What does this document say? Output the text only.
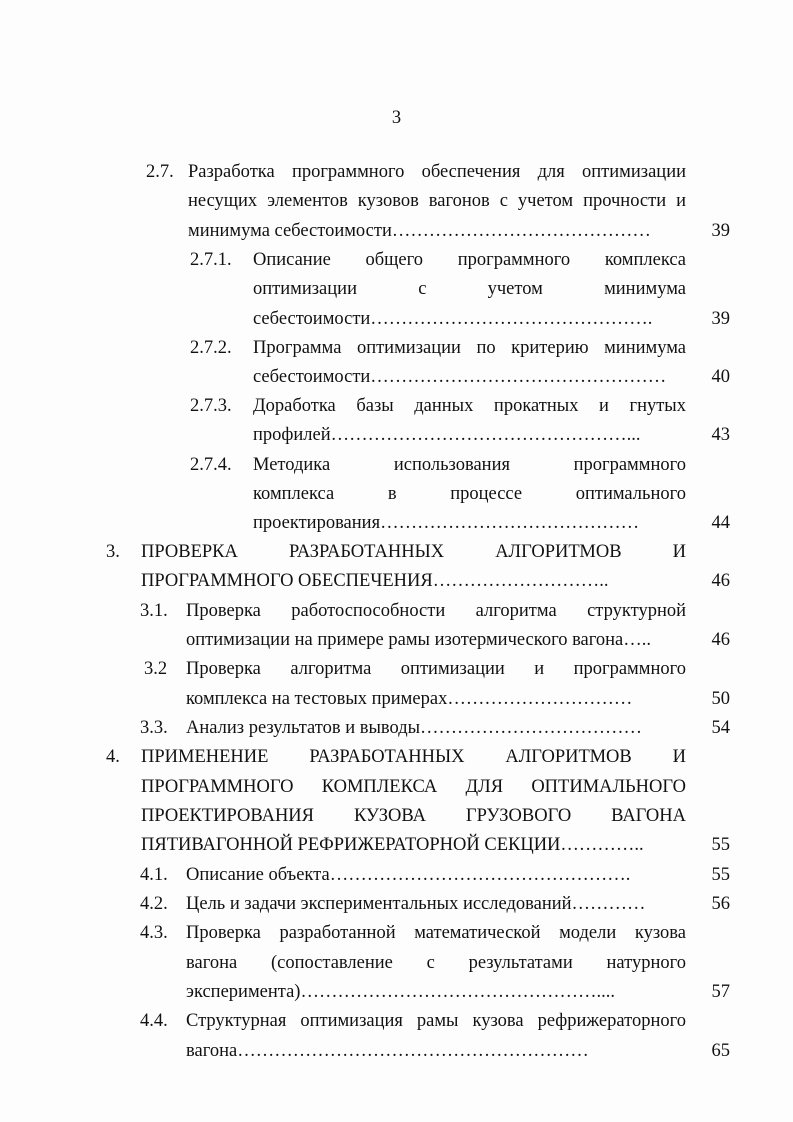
3
2.7. Разработка программного обеспечения для оптимизации
несущих элементов кузовов вагонов с учетом прочности и
минимума себестоимости……………………………………	39
2.7.1. Описание общего программного комплекса
оптимизации с учетом минимума
себестоимости……………………………………….	39
2.7.2. Программа оптимизации по критерию минимума
себестоимости…………………………………………	40
2.7.3. Доработка базы данных прокатных и гнутых
профилей…………………………………………...	43
2.7.4. Методика использования программного
комплекса в процессе оптимального
проектирования……………………………………	44
3. ПРОВЕРКА РАЗРАБОТАННЫХ АЛГОРИТМОВ И
ПРОГРАММНОГО ОБЕСПЕЧЕНИЯ………………………..	46
3.1. Проверка работоспособности алгоритма структурной
оптимизации на примере рамы изотермического вагона…..	46
3.2 Проверка алгоритма оптимизации и программного
комплекса на тестовых примерах…………………………	50
3.3. Анализ результатов и выводы………………………………	54
4. ПРИМЕНЕНИЕ РАЗРАБОТАННЫХ АЛГОРИТМОВ И
ПРОГРАММНОГО КОМПЛЕКСА ДЛЯ ОПТИМАЛЬНОГО
ПРОЕКТИРОВАНИЯ КУЗОВА ГРУЗОВОГО ВАГОНА
ПЯТИВАГОННОЙ РЕФРИЖЕРАТОРНОЙ СЕКЦИИ…………..	55
4.1. Описание объекта………………………………………….	55
4.2. Цель и задачи экспериментальных исследований…………	56
4.3. Проверка разработанной математической модели кузова
вагона (сопоставление с результатами натурного
эксперимента)…………………………………………....	57
4.4. Структурная оптимизация рамы кузова рефрижераторного
вагона…………………………………………………	65
